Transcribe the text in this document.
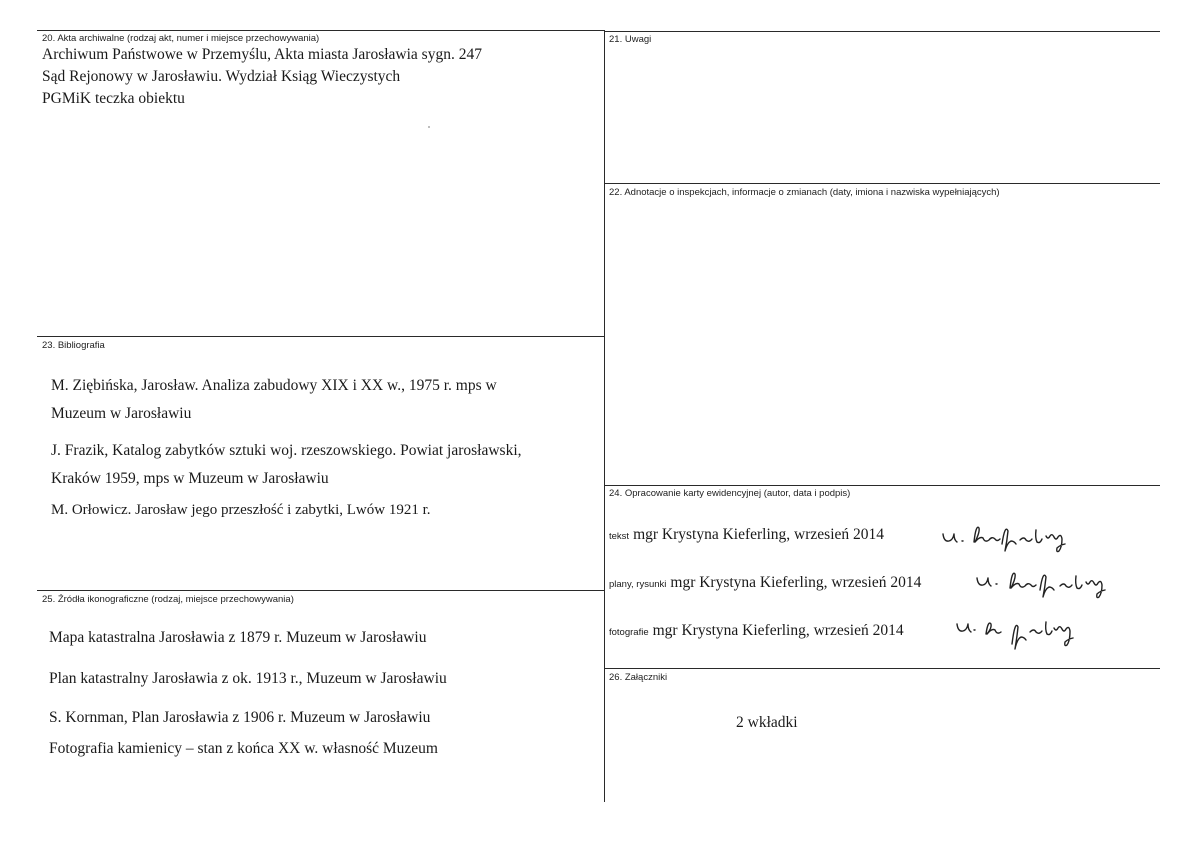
20. Akta archiwalne (rodzaj akt, numer i miejsce przechowywania)
Archiwum Państwowe w Przemyślu, Akta miasta Jarosławia sygn. 247
Sąd Rejonowy w Jarosławiu. Wydział Ksiąg Wieczystych
PGMiK teczka obiektu
21. Uwagi
22. Adnotacje o inspekcjach, informacje o zmianach (daty, imiona i nazwiska wypełniających)
23. Bibliografia
M. Ziębińska, Jarosław. Analiza zabudowy XIX i XX w., 1975 r. mps w
Muzeum w Jarosławiu
J. Frazik, Katalog zabytków sztuki woj. rzeszowskiego. Powiat jarosławski,
Kraków 1959, mps w Muzeum w Jarosławiu
M. Orłowicz. Jarosław jego przeszłość i zabytki, Lwów 1921 r.
24. Opracowanie karty ewidencyjnej (autor, data i podpis)
tekst mgr Krystyna Kieferling, wrzesień 2014
plany, rysunki mgr Krystyna Kieferling, wrzesień 2014
fotografie mgr Krystyna Kieferling, wrzesień 2014
25. Źródła ikonograficzne (rodzaj, miejsce przechowywania)
Mapa katastralna Jarosławia z 1879 r. Muzeum w Jarosławiu
Plan katastralny Jarosławia z ok. 1913 r., Muzeum w Jarosławiu
S. Kornman, Plan Jarosławia z 1906 r. Muzeum w Jarosławiu
Fotografia kamienicy – stan z końca XX w. własność Muzeum
26. Załączniki
2 wkładki
